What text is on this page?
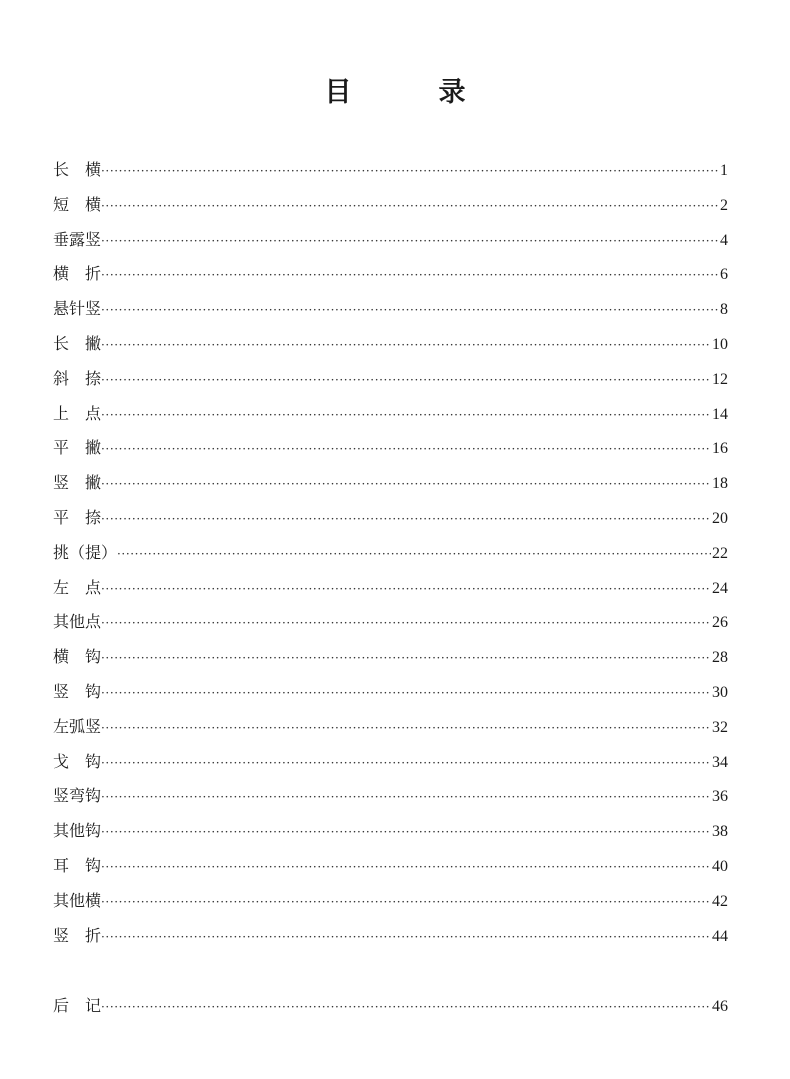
目　录
长　横 ·····	1
短　横 ·····	2
垂露竖 ·····	4
横　折 ·····	6
悬针竖 ·····	8
长　撇 ·····	10
斜　捺 ·····	12
上　点 ·····	14
平　撇 ·····	16
竖　撇 ·····	18
平　捺 ·····	20
挑（提） ·····	22
左　点 ·····	24
其他点 ·····	26
横　钩 ·····	28
竖　钩 ·····	30
左弧竖 ·····	32
戈　钩 ·····	34
竖弯钩 ·····	36
其他钩 ·····	38
耳　钩 ·····	40
其他横 ·····	42
竖　折 ·····	44
后　记 ·····	46
